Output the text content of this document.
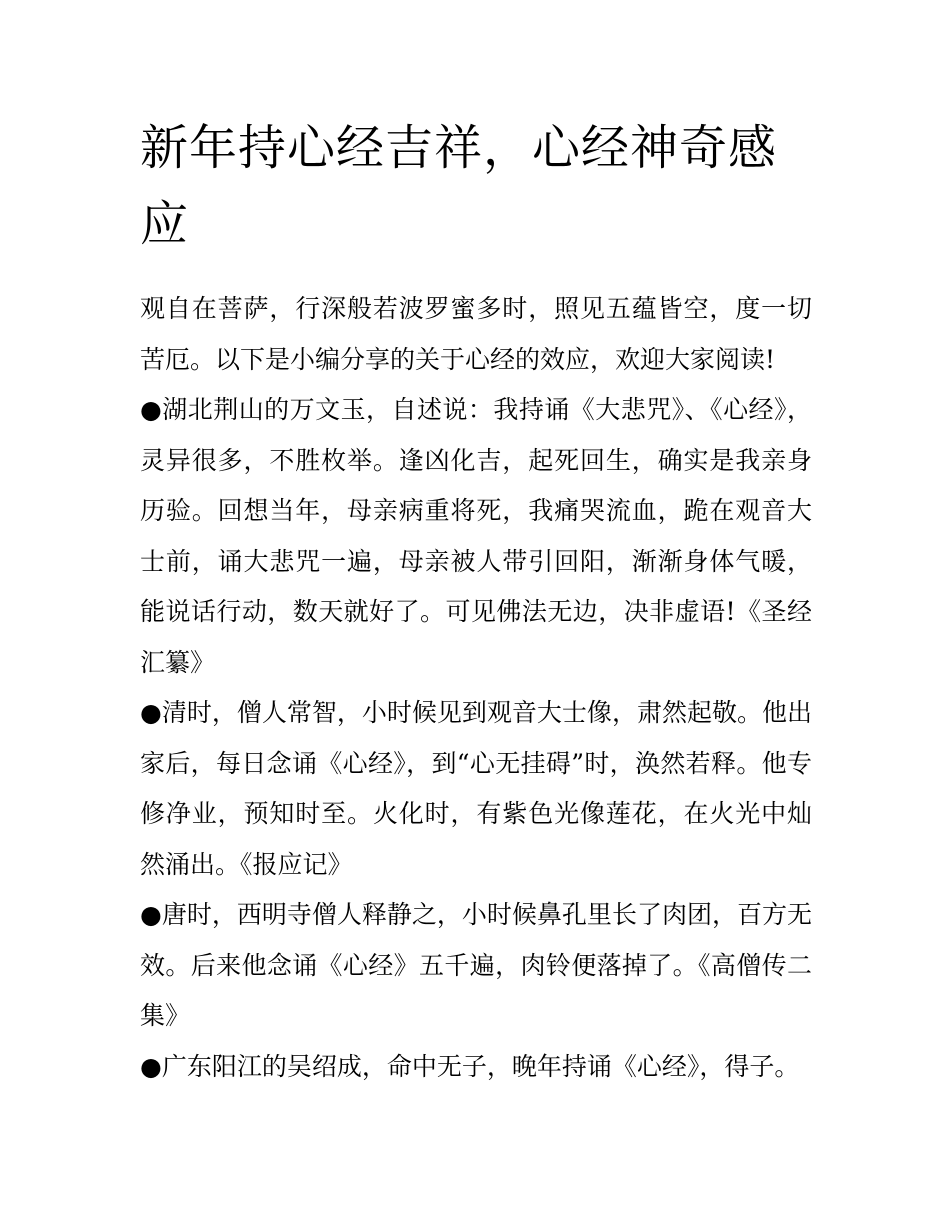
新年持心经吉祥，心经神奇感应

观自在菩萨，行深般若波罗蜜多时，照见五蕴皆空，度一切苦厄。以下是小编分享的关于心经的效应，欢迎大家阅读!

●湖北荆山的万文玉，自述说：我持诵《大悲咒》、《心经》，灵异很多，不胜枚举。逢凶化吉，起死回生，确实是我亲身历验。回想当年，母亲病重将死，我痛哭流血，跪在观音大士前，诵大悲咒一遍，母亲被人带引回阳，渐渐身体气暖，能说话行动，数天就好了。可见佛法无边，决非虚语!《圣经汇纂》

●清时，僧人常智，小时候见到观音大士像，肃然起敬。他出家后，每日念诵《心经》，到“心无挂碍”时，涣然若释。他专修净业，预知时至。火化时，有紫色光像莲花，在火光中灿然涌出。《报应记》

●唐时，西明寺僧人释静之，小时候鼻孔里长了肉团，百方无效。后来他念诵《心经》五千遍，肉铃便落掉了。《高僧传二集》

●广东阳江的吴绍成，命中无子，晚年持诵《心经》，得子。
